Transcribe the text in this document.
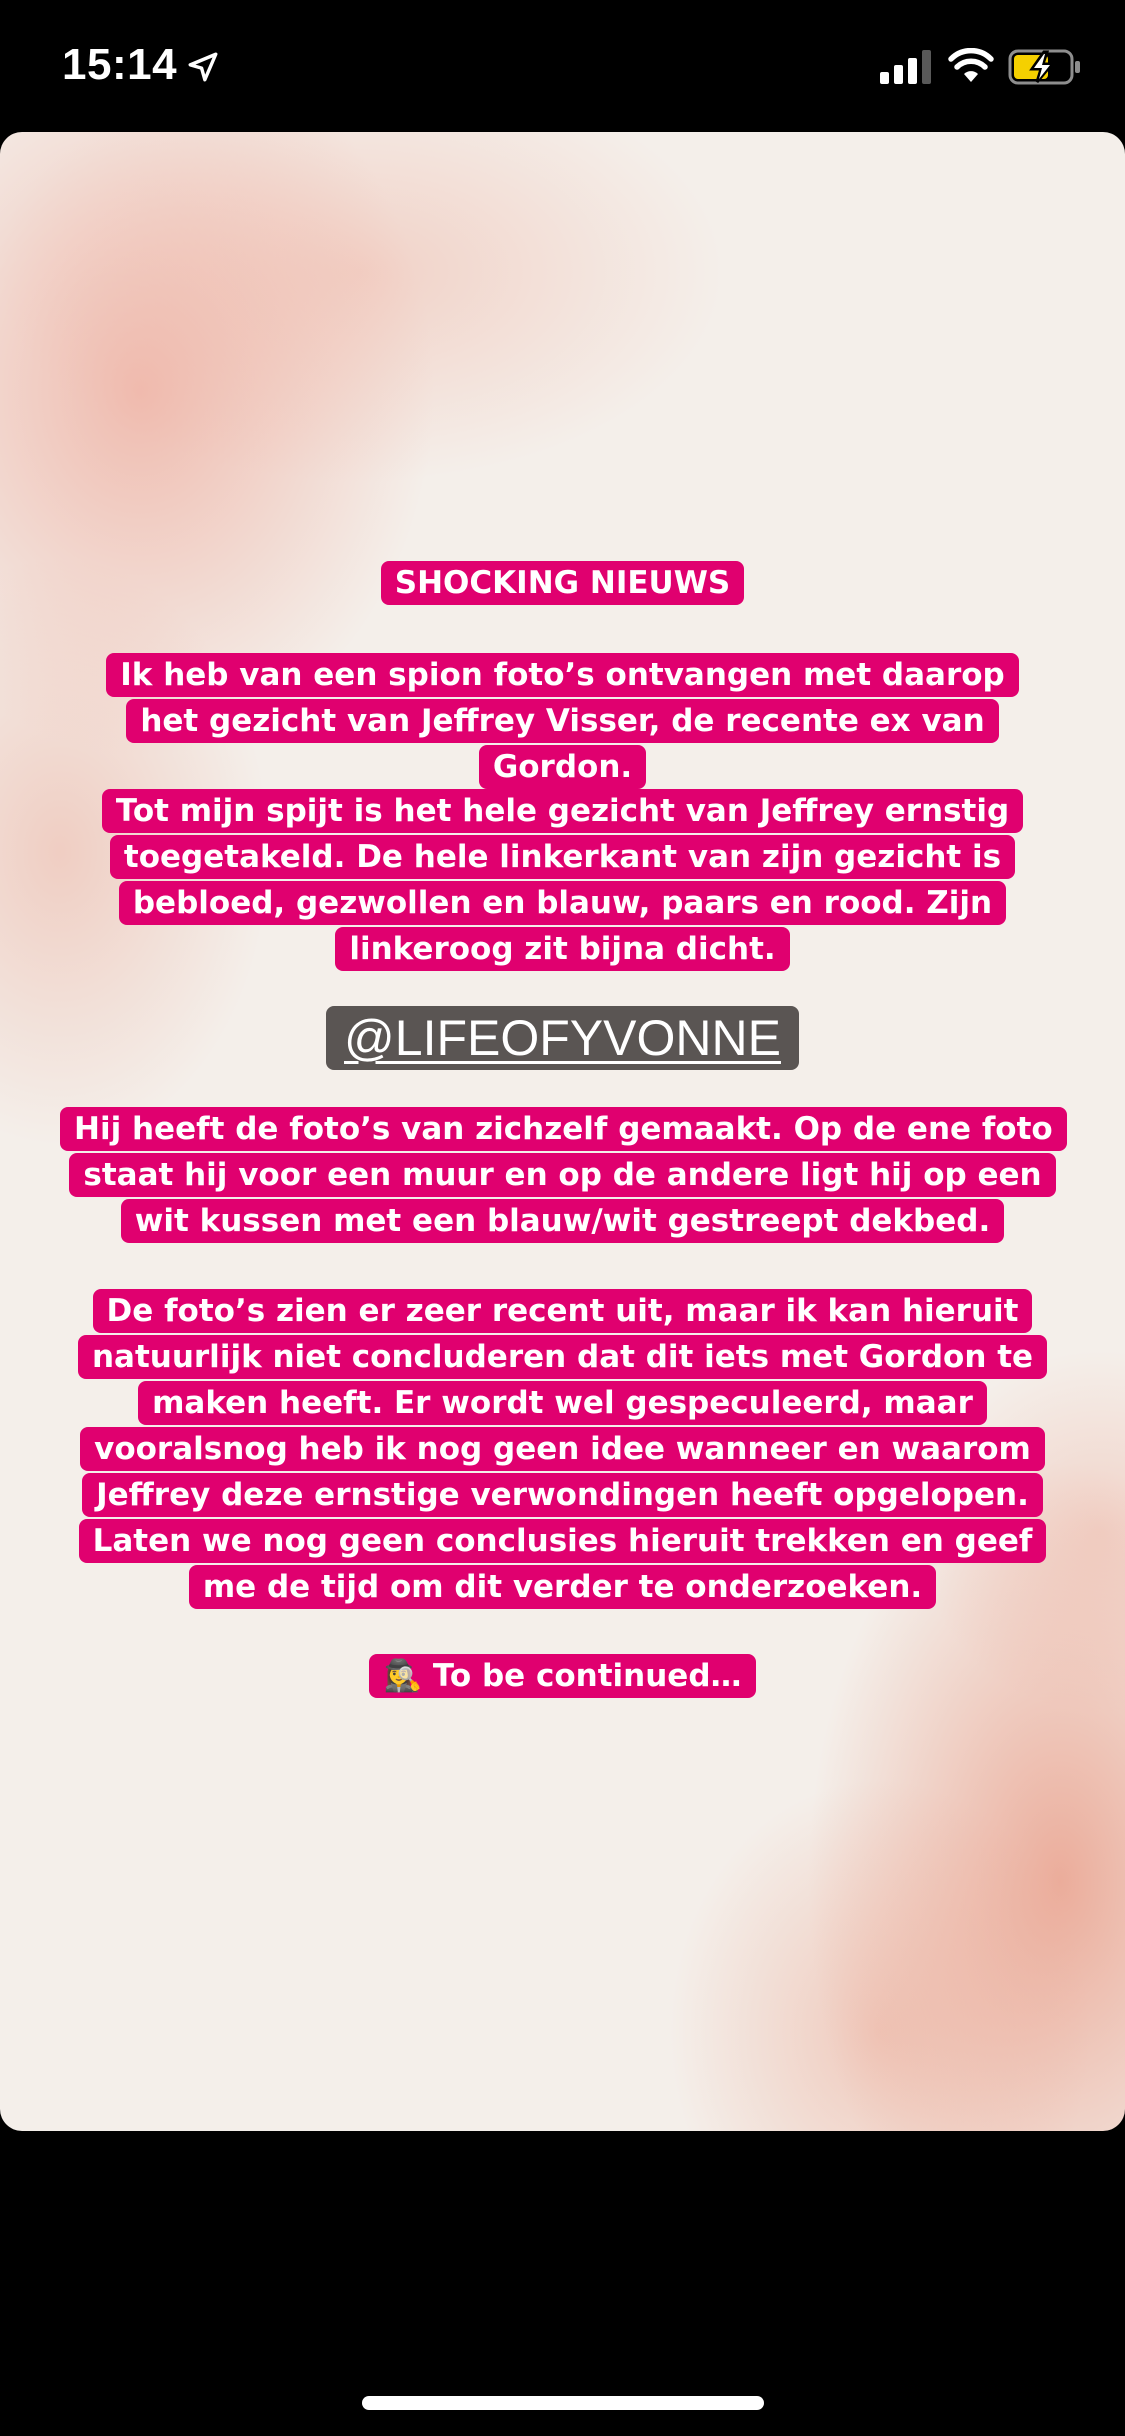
15:14
SHOCKING NIEUWS
Ik heb van een spion foto’s ontvangen met daarop het gezicht van Jeffrey Visser, de recente ex van Gordon.
Tot mijn spijt is het hele gezicht van Jeffrey ernstig toegetakeld. De hele linkerkant van zijn gezicht is bebloed, gezwollen en blauw, paars en rood. Zijn linkeroog zit bijna dicht.
@LIFEOFYVONNE
Hij heeft de foto’s van zichzelf gemaakt. Op de ene foto staat hij voor een muur en op de andere ligt hij op een wit kussen met een blauw/wit gestreept dekbed.
De foto’s zien er zeer recent uit, maar ik kan hieruit natuurlijk niet concluderen dat dit iets met Gordon te maken heeft. Er wordt wel gespeculeerd, maar vooralsnog heb ik nog geen idee wanneer en waarom Jeffrey deze ernstige verwondingen heeft opgelopen. Laten we nog geen conclusies hieruit trekken en geef me de tijd om dit verder te onderzoeken.
🕵️‍♀️ To be continued…
